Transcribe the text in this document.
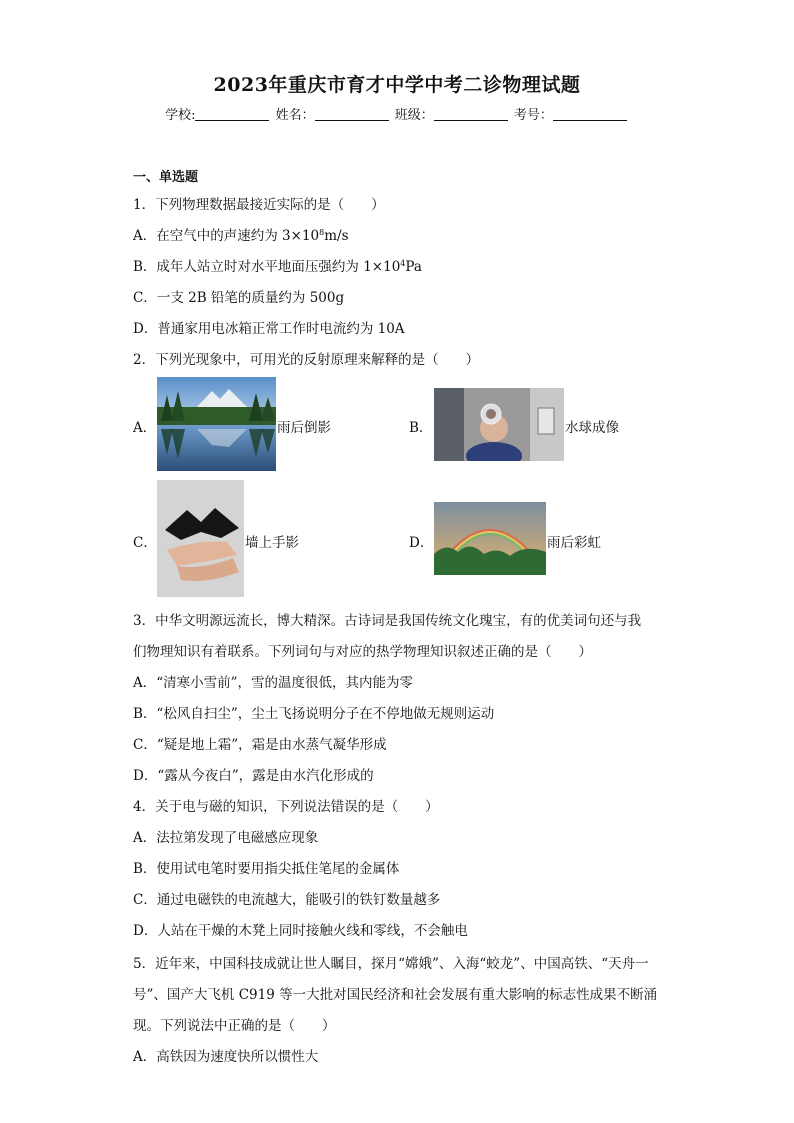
2023年重庆市育才中学中考二诊物理试题
学校:	姓名：	班级：	考号：
一、单选题
1．下列物理数据最接近实际的是（　　）
A．在空气中的声速约为 $3\times 10^8m/s$
B．成年人站立时对水平地面压强约为 $1\times 10^4Pa$
C．一支 2B 铅笔的质量约为 500g
D．普通家用电冰箱正常工作时电流约为 10A
2．下列光现象中，可用光的反射原理来解释的是（　　）
A．	雨后倒影	B．	水球成像
C．	墙上手影	D．	雨后彩虹
3．中华文明源远流长，博大精深。古诗词是我国传统文化瑰宝，有的优美词句还与我
们物理知识有着联系。下列词句与对应的热学物理知识叙述正确的是（　　）
A．“清寒小雪前”，雪的温度很低，其内能为零
B．“松风自扫尘”，尘土飞扬说明分子在不停地做无规则运动
C．“疑是地上霜”，霜是由水蒸气凝华形成
D．“露从今夜白”，露是由水汽化形成的
4．关于电与磁的知识，下列说法错误的是（　　）
A．法拉第发现了电磁感应现象
B．使用试电笔时要用指尖抵住笔尾的金属体
C．通过电磁铁的电流越大，能吸引的铁钉数量越多
D．人站在干燥的木凳上同时接触火线和零线，不会触电
5．近年来，中国科技成就让世人瞩目，探月“嫦娥”、入海“蛟龙”、中国高铁、“天舟一
号”、国产大飞机 C919 等一大批对国民经济和社会发展有重大影响的标志性成果不断涌
现。下列说法中正确的是（　　）
A．高铁因为速度快所以惯性大
